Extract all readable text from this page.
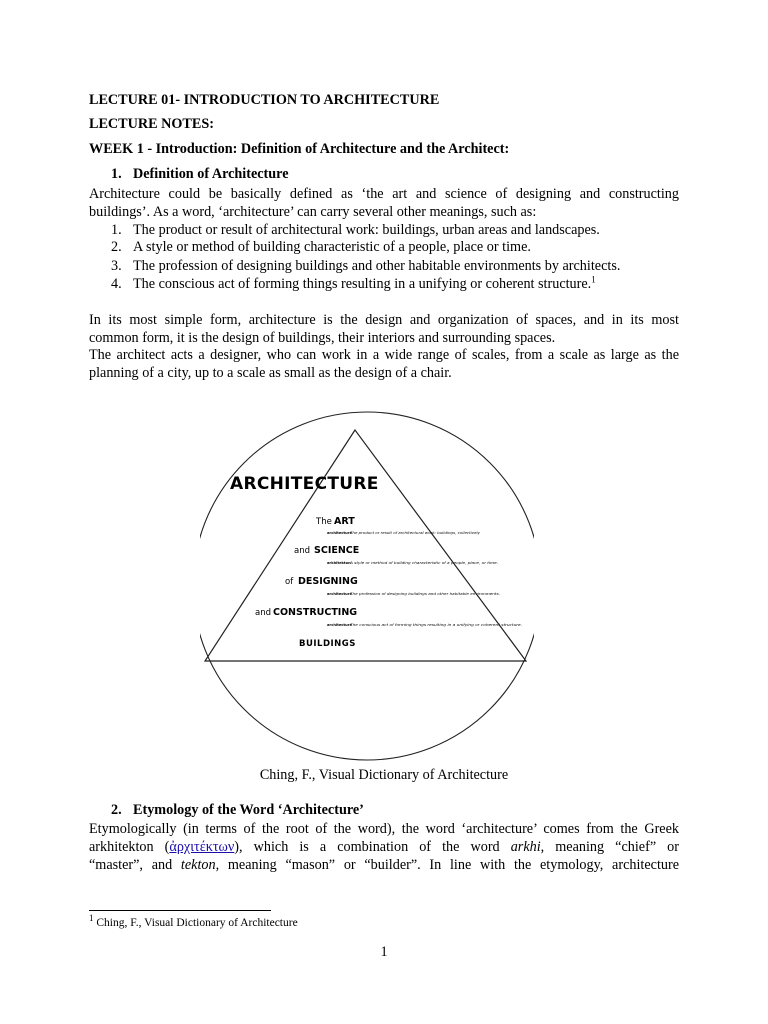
LECTURE 01- INTRODUCTION TO ARCHITECTURE
LECTURE NOTES:
WEEK 1 - Introduction: Definition of Architecture and the Architect:
1. Definition of Architecture
Architecture could be basically defined as ‘the art and science of designing and constructing
buildings’. As a word, ‘architecture’ can carry several other meanings, such as:
1. The product or result of architectural work: buildings, urban areas and landscapes.
2. A style or method of building characteristic of a people, place or time.
3. The profession of designing buildings and other habitable environments by architects.
4. The conscious act of forming things resulting in a unifying or coherent structure.$^1$
In its most simple form, architecture is the design and organization of spaces, and in its most
common form, it is the design of buildings, their interiors and surrounding spaces.
The architect acts a designer, who can work in a wide range of scales, from a scale as large as the
planning of a city, up to a scale as small as the design of a chair.
Ching, F., Visual Dictionary of Architecture
2. Etymology of the Word ‘Architecture’
Etymologically (in terms of the root of the word), the word ‘architecture’ comes from the Greek
arkhitekton (ἀρχιτέκτων), which is a combination of the word arkhi, meaning “chief” or
“master”, and tekton, meaning “mason” or “builder”. In line with the etymology, architecture
ARCHITECTURE
The ART
architecture
The product or result of architectural work: buildings, collectively
and SCIENCE
arkhitekton
A style or method of building characteristic of a people, place, or time.
of DESIGNING
architecture
The profession of designing buildings and other habitable environments.
and CONSTRUCTING
architecture
The conscious act of forming things resulting in a unifying or coherent structure.
BUILDINGS
$^1$ Ching, F., Visual Dictionary of Architecture
1
